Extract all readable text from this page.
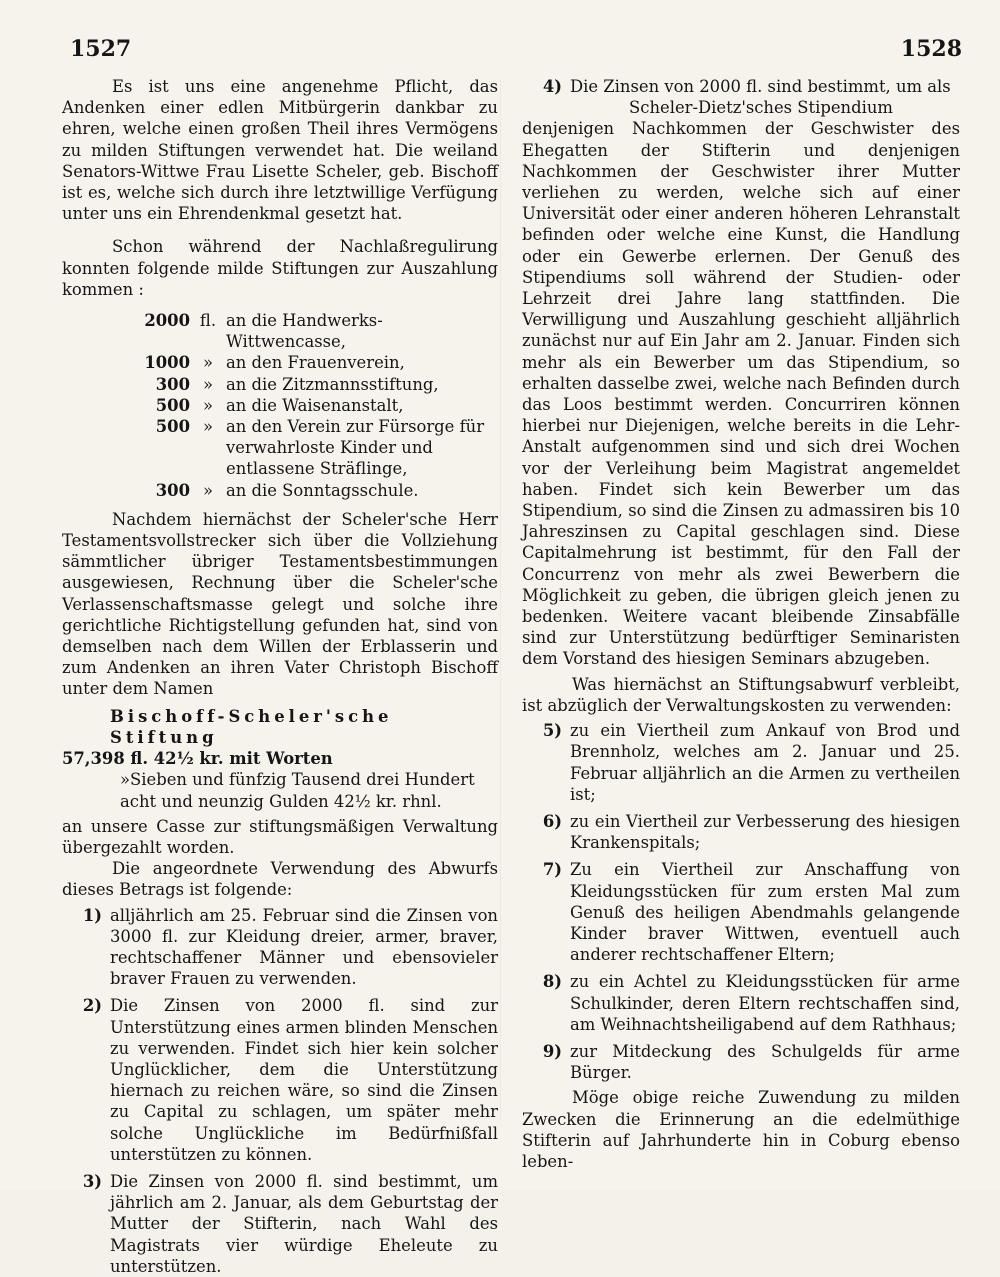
1527	1528

Es ist uns eine angenehme Pflicht, das Andenken einer edlen Mitbürgerin dankbar zu ehren, welche einen großen Theil ihres Vermögens zu milden Stiftungen verwendet hat. Die weiland Senators-Wittwe Frau Lisette Scheler, geb. Bischoff ist es, welche sich durch ihre letztwillige Verfügung unter uns ein Ehrendenkmal gesetzt hat.

Schon während der Nachlaßregulirung konnten folgende milde Stiftungen zur Auszahlung kommen :

2000 fl. an die Handwerks-Wittwencasse,
1000 » an den Frauenverein,
300 » an die Zitzmannsstiftung,
500 » an die Waisenanstalt,
500 » an den Verein zur Fürsorge für verwahrloste Kinder und entlassene Sträflinge,
300 » an die Sonntagsschule.

Nachdem hiernächst der Scheler'sche Herr Testamentsvollstrecker sich über die Vollziehung sämmtlicher übriger Testamentsbestimmungen ausgewiesen, Rechnung über die Scheler'sche Verlassenschaftsmasse gelegt und solche ihre gerichtliche Richtigstellung gefunden hat, sind von demselben nach dem Willen der Erblasserin und zum Andenken an ihren Vater Christoph Bischoff unter dem Namen

Bischoff-Scheler'sche Stiftung
57,398 fl. 42½ kr. mit Worten
»Sieben und fünfzig Tausend drei Hundert acht und neunzig Gulden 42½ kr. rhnl.

an unsere Casse zur stiftungsmäßigen Verwaltung übergezahlt worden.

Die angeordnete Verwendung des Abwurfs dieses Betrags ist folgende:

1) alljährlich am 25. Februar sind die Zinsen von 3000 fl. zur Kleidung dreier, armer, braver, rechtschaffener Männer und ebensovieler braver Frauen zu verwenden.
2) Die Zinsen von 2000 fl. sind zur Unterstützung eines armen blinden Menschen zu verwenden. Findet sich hier kein solcher Unglücklicher, dem die Unterstützung hiernach zu reichen wäre, so sind die Zinsen zu Capital zu schlagen, um später mehr solche Unglückliche im Bedürfnißfall unterstützen zu können.
3) Die Zinsen von 2000 fl. sind bestimmt, um jährlich am 2. Januar, als dem Geburtstag der Mutter der Stifterin, nach Wahl des Magistrats vier würdige Eheleute zu unterstützen.
4) Die Zinsen von 2000 fl. sind bestimmt, um als
Scheler-Dietz'sches Stipendium

denjenigen Nachkommen der Geschwister des Ehegatten der Stifterin und denjenigen Nachkommen der Geschwister ihrer Mutter verliehen zu werden, welche sich auf einer Universität oder einer anderen höheren Lehranstalt befinden oder welche eine Kunst, die Handlung oder ein Gewerbe erlernen. Der Genuß des Stipendiums soll während der Studien- oder Lehrzeit drei Jahre lang stattfinden. Die Verwilligung und Auszahlung geschieht alljährlich zunächst nur auf Ein Jahr am 2. Januar. Finden sich mehr als ein Bewerber um das Stipendium, so erhalten dasselbe zwei, welche nach Befinden durch das Loos bestimmt werden. Concurriren können hierbei nur Diejenigen, welche bereits in die Lehr-Anstalt aufgenommen sind und sich drei Wochen vor der Verleihung beim Magistrat angemeldet haben. Findet sich kein Bewerber um das Stipendium, so sind die Zinsen zu admassiren bis 10 Jahreszinsen zu Capital geschlagen sind. Diese Capitalmehrung ist bestimmt, für den Fall der Concurrenz von mehr als zwei Bewerbern die Möglichkeit zu geben, die übrigen gleich jenen zu bedenken. Weitere vacant bleibende Zinsabfälle sind zur Unterstützung bedürftiger Seminaristen dem Vorstand des hiesigen Seminars abzugeben.

Was hiernächst an Stiftungsabwurf verbleibt, ist abzüglich der Verwaltungskosten zu verwenden:

5) zu ein Viertheil zum Ankauf von Brod und Brennholz, welches am 2. Januar und 25. Februar alljährlich an die Armen zu vertheilen ist;
6) zu ein Viertheil zur Verbesserung des hiesigen Krankenspitals;
7) Zu ein Viertheil zur Anschaffung von Kleidungsstücken für zum ersten Mal zum Genuß des heiligen Abendmahls gelangende Kinder braver Wittwen, eventuell auch anderer rechtschaffener Eltern;
8) zu ein Achtel zu Kleidungsstücken für arme Schulkinder, deren Eltern rechtschaffen sind, am Weihnachtsheiligabend auf dem Rathhaus;
9) zur Mitdeckung des Schulgelds für arme Bürger.

Möge obige reiche Zuwendung zu milden Zwecken die Erinnerung an die edelmüthige Stifterin auf Jahrhunderte hin in Coburg ebenso leben-
